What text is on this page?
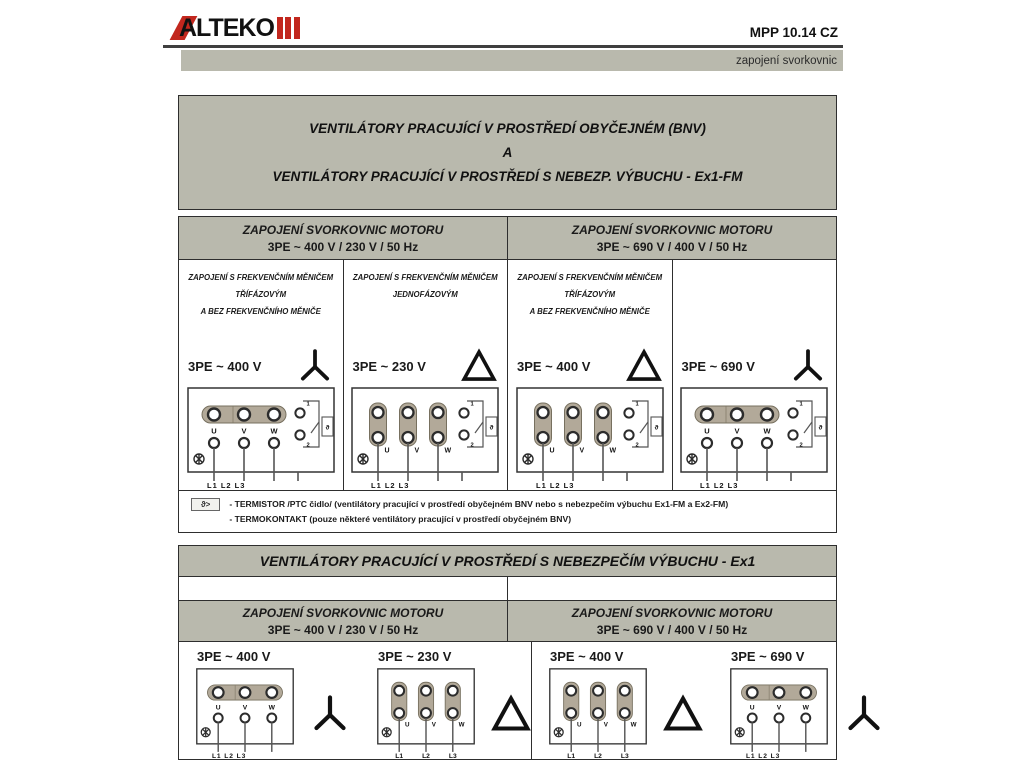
ALTEKO	MPP 10.14 CZ
zapojení svorkovnic
VENTILÁTORY PRACUJÍCÍ V PROSTŘEDÍ OBYČEJNÉM (BNV)
A
VENTILÁTORY PRACUJÍCÍ V PROSTŘEDÍ S NEBEZP. VÝBUCHU - Ex1-FM
ZAPOJENÍ SVORKOVNIC MOTORU
3PE ~ 400 V / 230 V / 50 Hz
ZAPOJENÍ SVORKOVNIC MOTORU
3PE ~ 690 V / 400 V / 50 Hz
ZAPOJENÍ S FREKVENČNÍM MĚNIČEM
TŘÍFÁZOVÝM
A BEZ FREKVENČNÍHO MĚNIČE
3PE ~ 400 V
U	V	W
1
2
ϑ
L1 L2 L3
ZAPOJENÍ S FREKVENČNÍM MĚNIČEM
JEDNOFÁZOVÝM
3PE ~ 230 V
U	V	W
1
2
ϑ
L1 L2 L3
ZAPOJENÍ S FREKVENČNÍM MĚNIČEM
TŘÍFÁZOVÝM
A BEZ FREKVENČNÍHO MĚNIČE
3PE ~ 400 V
U	V	W
1
2
ϑ
L1 L2 L3
3PE ~ 690 V
U	V	W
1
2
ϑ
L1 L2 L3
ϑ>	- TERMISTOR /PTC čidlo/ (ventilátory pracující v prostředí obyčejném BNV nebo s nebezpečím výbuchu Ex1-FM a Ex2-FM)
- TERMOKONTAKT (pouze některé ventilátory pracující v prostředí obyčejném BNV)
VENTILÁTORY PRACUJÍCÍ V PROSTŘEDÍ S NEBEZPEČÍM VÝBUCHU - Ex1
ZAPOJENÍ SVORKOVNIC MOTORU
3PE ~ 400 V / 230 V / 50 Hz
ZAPOJENÍ SVORKOVNIC MOTORU
3PE ~ 690 V / 400 V / 50 Hz
3PE ~ 400 V
U	V	W
L1 L2 L3
3PE ~ 230 V
U	V	W
L1	L2	L3
3PE ~ 400 V
U	V	W
L1	L2	L3
3PE ~ 690 V
U	V	W
L1 L2 L3
